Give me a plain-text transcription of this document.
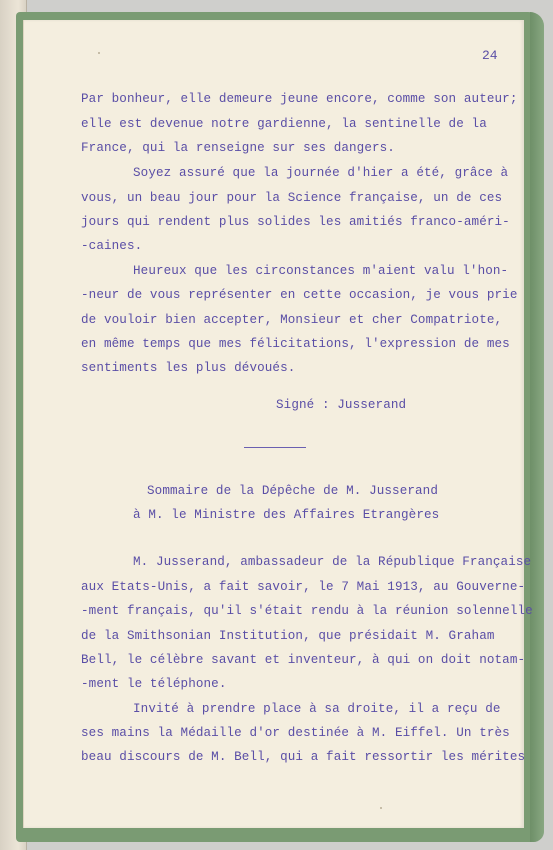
24

Par bonheur, elle demeure jeune encore, comme son auteur;

elle est devenue notre gardienne, la sentinelle de la

France, qui la renseigne sur ses dangers.

Soyez assuré que la journée d'hier a été, grâce à

vous, un beau jour pour la Science française, un de ces

jours qui rendent plus solides les amitiés franco-améri-

-caines.

Heureux que les circonstances m'aient valu l'hon-

-neur de vous représenter en cette occasion, je vous prie

de vouloir bien accepter, Monsieur et cher Compatriote,

en même temps que mes félicitations, l'expression de mes

sentiments les plus dévoués.

Signé : Jusserand

Sommaire de la Dépêche de M. Jusserand

à M. le Ministre des Affaires Etrangères

M. Jusserand, ambassadeur de la République Française

aux Etats-Unis, a fait savoir, le 7 Mai 1913, au Gouverne-

-ment français, qu'il s'était rendu à la réunion solennelle

de la Smithsonian Institution, que présidait M. Graham

Bell, le célèbre savant et inventeur, à qui on doit notam-

-ment le téléphone.

Invité à prendre place à sa droite, il a reçu de

ses mains la Médaille d'or destinée à M. Eiffel. Un très

beau discours de M. Bell, qui a fait ressortir les mérites
